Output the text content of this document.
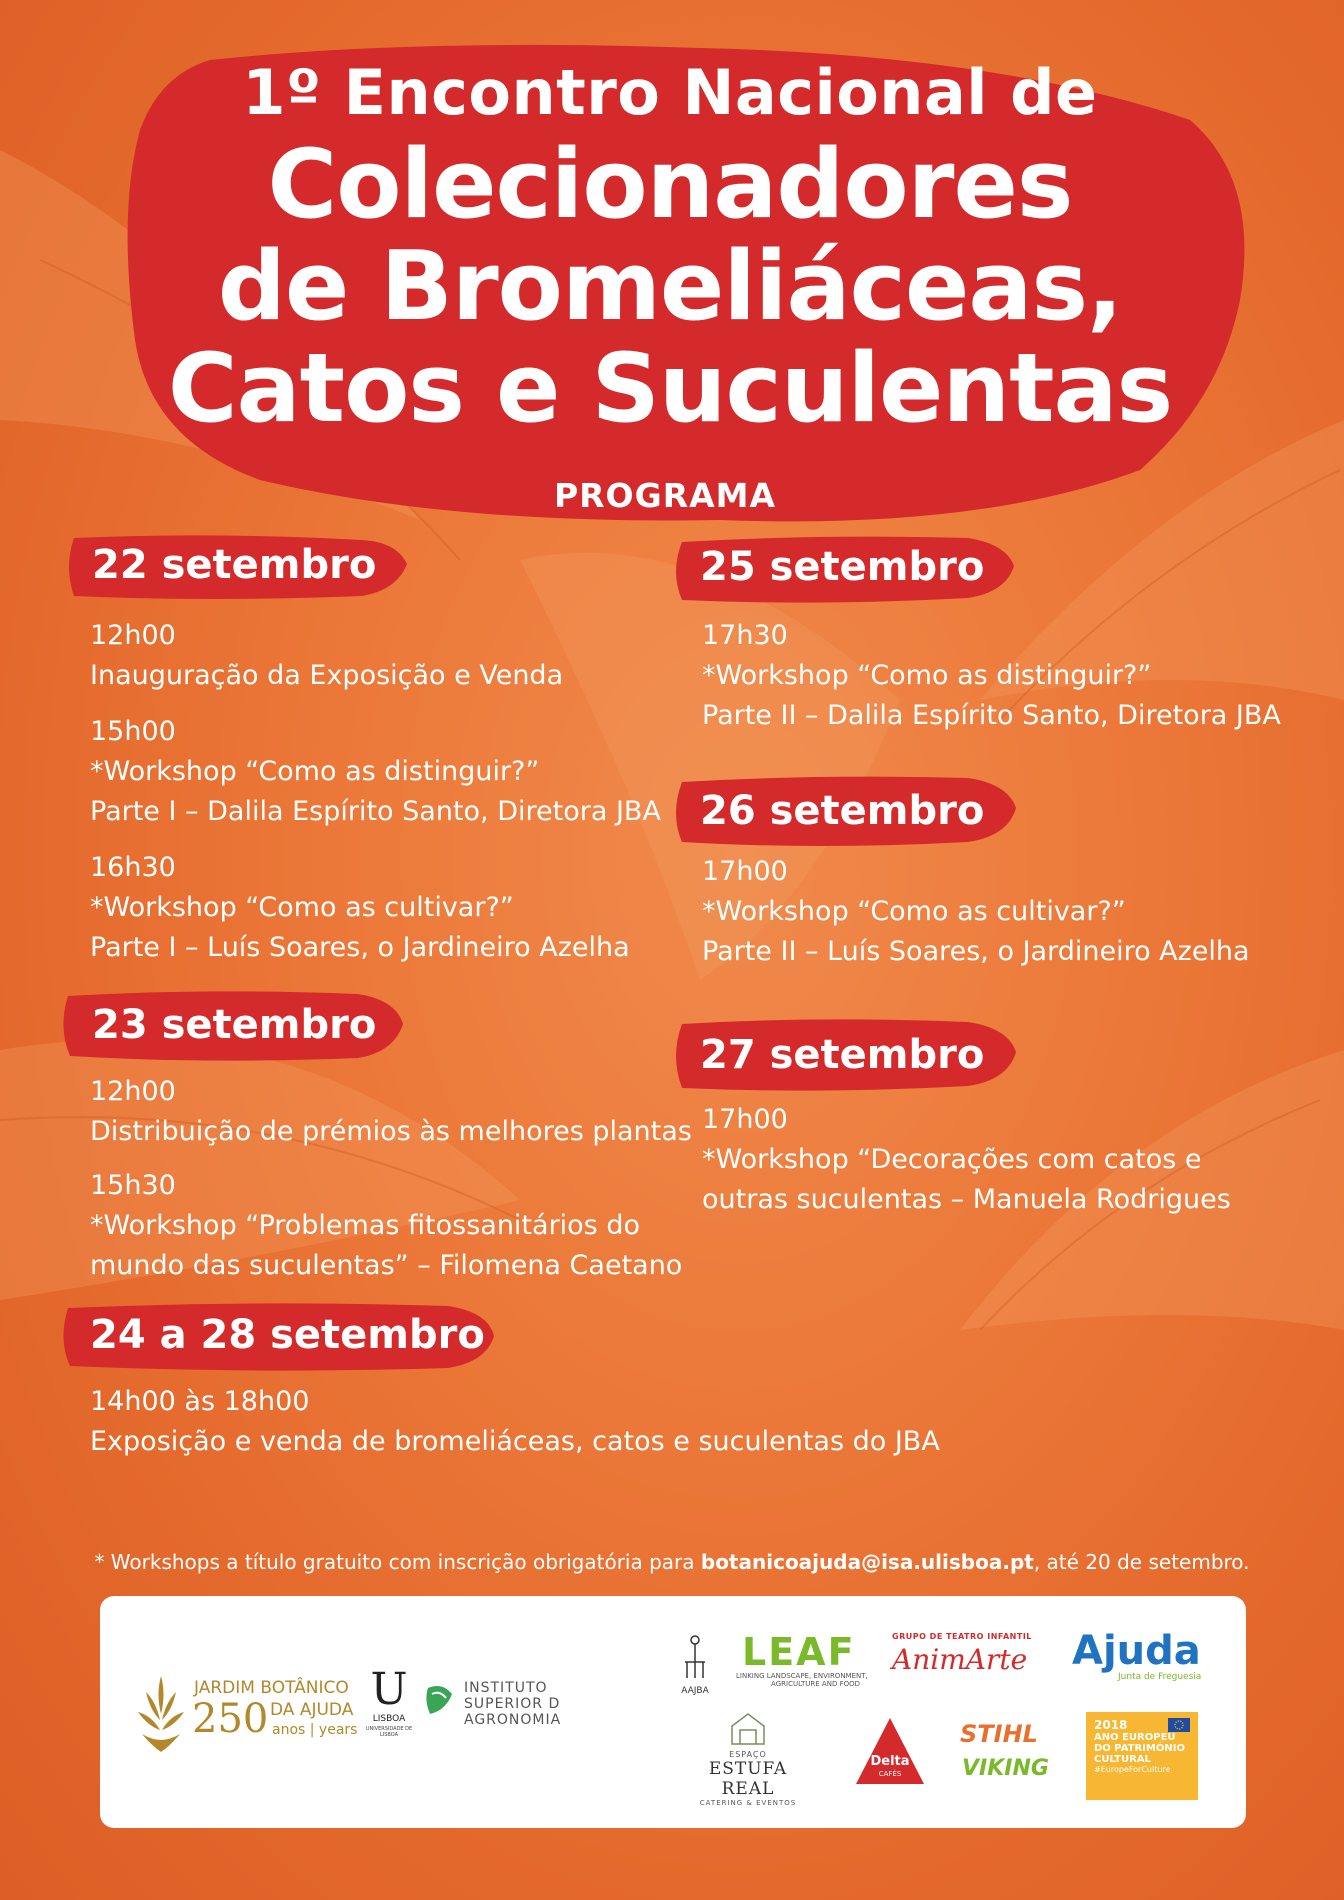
1º Encontro Nacional de
Colecionadores
de Bromeliáceas,
Catos e Suculentas
PROGRAMA
22 setembro
12h00
Inauguração da Exposição e Venda
15h00
*Workshop “Como as distinguir?”
Parte I – Dalila Espírito Santo, Diretora JBA
16h30
*Workshop “Como as cultivar?”
Parte I – Luís Soares, o Jardineiro Azelha
23 setembro
12h00
Distribuição de prémios às melhores plantas
15h30
*Workshop “Problemas fitossanitários do
mundo das suculentas” – Filomena Caetano
24 a 28 setembro
14h00 às 18h00
Exposição e venda de bromeliáceas, catos e suculentas do JBA
25 setembro
17h30
*Workshop “Como as distinguir?”
Parte II – Dalila Espírito Santo, Diretora JBA
26 setembro
17h00
*Workshop “Como as cultivar?”
Parte II – Luís Soares, o Jardineiro Azelha
27 setembro
17h00
*Workshop “Decorações com catos e
outras suculentas – Manuela Rodrigues
* Workshops a título gratuito com inscrição obrigatória para botanicoajuda@isa.ulisboa.pt, até 20 de setembro.
JARDIM BOTÂNICO
250 DA AJUDA
anos | years
U
LISBOA
UNIVERSIDADE DE LISBOA
INSTITUTO
SUPERIOR D
AGRONOMIA
AAJBA
LEAF
LINKING LANDSCAPE, ENVIRONMENT,
AGRICULTURE AND FOOD
GRUPO DE TEATRO INFANTIL
AnimArte	Ajuda
Junta de Freguesia
ESPAÇO
ESTUFA REAL
CATERING & EVENTOS
Delta
CAFÉS
STIHL
VIKING
2018
ANO EUROPEU
DO PATRIMÓNIO
CULTURAL
#EuropeForCulture
